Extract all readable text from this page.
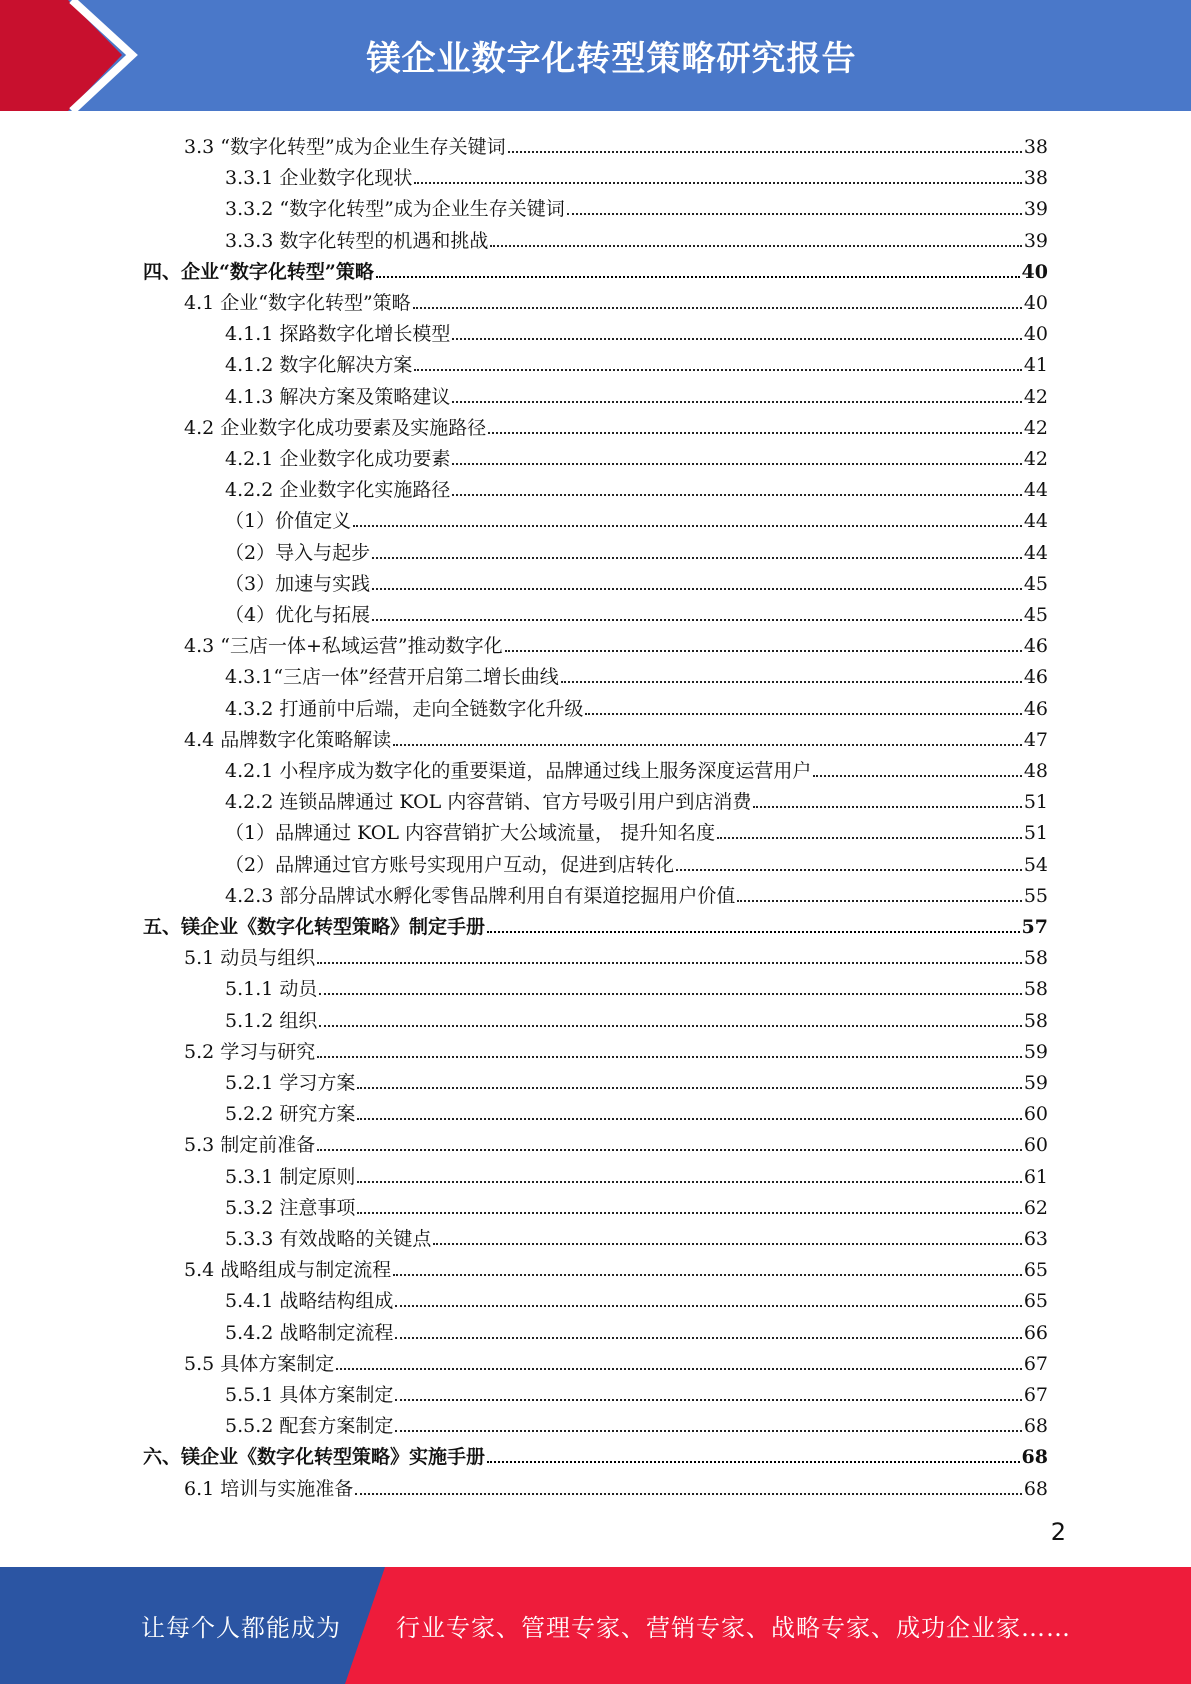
镁企业数字化转型策略研究报告
3.3 “数字化转型”成为企业生存关键词	38
3.3.1 企业数字化现状	38
3.3.2 “数字化转型”成为企业生存关键词	39
3.3.3 数字化转型的机遇和挑战	39
四、企业“数字化转型”策略	40
4.1 企业“数字化转型”策略	40
4.1.1 探路数字化增长模型	40
4.1.2 数字化解决方案	41
4.1.3 解决方案及策略建议	42
4.2 企业数字化成功要素及实施路径	42
4.2.1 企业数字化成功要素	42
4.2.2 企业数字化实施路径	44
（1）价值定义	44
（2）导入与起步	44
（3）加速与实践	45
（4）优化与拓展	45
4.3 “三店一体+私域运营”推动数字化	46
4.3.1“三店一体”经营开启第二增长曲线	46
4.3.2 打通前中后端，走向全链数字化升级	46
4.4 品牌数字化策略解读	47
4.2.1 小程序成为数字化的重要渠道，品牌通过线上服务深度运营用户	48
4.2.2 连锁品牌通过 KOL 内容营销、官方号吸引用户到店消费	51
（1）品牌通过 KOL 内容营销扩大公域流量， 提升知名度	51
（2）品牌通过官方账号实现用户互动，促进到店转化	54
4.2.3 部分品牌试水孵化零售品牌利用自有渠道挖掘用户价值	55
五、镁企业《数字化转型策略》制定手册	57
5.1 动员与组织	58
5.1.1 动员	58
5.1.2 组织	58
5.2 学习与研究	59
5.2.1 学习方案	59
5.2.2 研究方案	60
5.3 制定前准备	60
5.3.1 制定原则	61
5.3.2 注意事项	62
5.3.3 有效战略的关键点	63
5.4 战略组成与制定流程	65
5.4.1 战略结构组成	65
5.4.2 战略制定流程	66
5.5 具体方案制定	67
5.5.1 具体方案制定	67
5.5.2 配套方案制定	68
六、镁企业《数字化转型策略》实施手册	68
6.1 培训与实施准备	68
2
让每个人都能成为 行业专家、管理专家、营销专家、战略专家、成功企业家……
